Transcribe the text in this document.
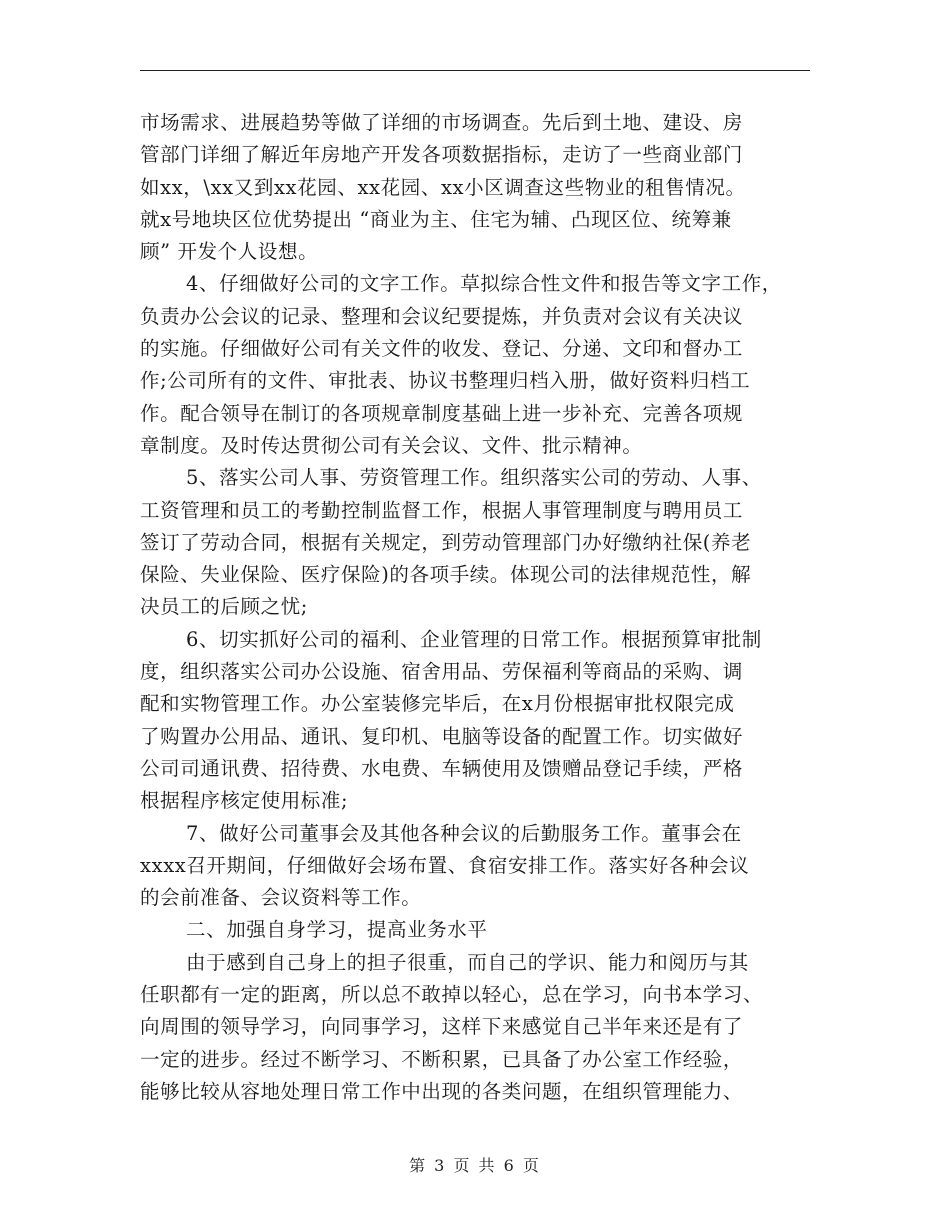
市场需求、进展趋势等做了详细的市场调查。先后到土地、建设、房
管部门详细了解近年房地产开发各项数据指标，走访了一些商业部门
如xx，\xx又到xx花园、xx花园、xx小区调查这些物业的租售情况。
就x号地块区位优势提出 “商业为主、住宅为辅、凸现区位、统筹兼
顾” 开发个人设想。
4、仔细做好公司的文字工作。草拟综合性文件和报告等文字工作，
负责办公会议的记录、整理和会议纪要提炼，并负责对会议有关决议
的实施。仔细做好公司有关文件的收发、登记、分递、文印和督办工
作;公司所有的文件、审批表、协议书整理归档入册，做好资料归档工
作。配合领导在制订的各项规章制度基础上进一步补充、完善各项规
章制度。及时传达贯彻公司有关会议、文件、批示精神。
5、落实公司人事、劳资管理工作。组织落实公司的劳动、人事、
工资管理和员工的考勤控制监督工作，根据人事管理制度与聘用员工
签订了劳动合同，根据有关规定，到劳动管理部门办好缴纳社保(养老
保险、失业保险、医疗保险)的各项手续。体现公司的法律规范性，解
决员工的后顾之忧;
6、切实抓好公司的福利、企业管理的日常工作。根据预算审批制
度，组织落实公司办公设施、宿舍用品、劳保福利等商品的采购、调
配和实物管理工作。办公室装修完毕后，在x月份根据审批权限完成
了购置办公用品、通讯、复印机、电脑等设备的配置工作。切实做好
公司司通讯费、招待费、水电费、车辆使用及馈赠品登记手续，严格
根据程序核定使用标准;
7、做好公司董事会及其他各种会议的后勤服务工作。董事会在
xxxx召开期间，仔细做好会场布置、食宿安排工作。落实好各种会议
的会前准备、会议资料等工作。
二、加强自身学习，提高业务水平
由于感到自己身上的担子很重，而自己的学识、能力和阅历与其
任职都有一定的距离，所以总不敢掉以轻心，总在学习，向书本学习、
向周围的领导学习，向同事学习，这样下来感觉自己半年来还是有了
一定的进步。经过不断学习、不断积累，已具备了办公室工作经验，
能够比较从容地处理日常工作中出现的各类问题，在组织管理能力、
第 3 页 共 6 页
